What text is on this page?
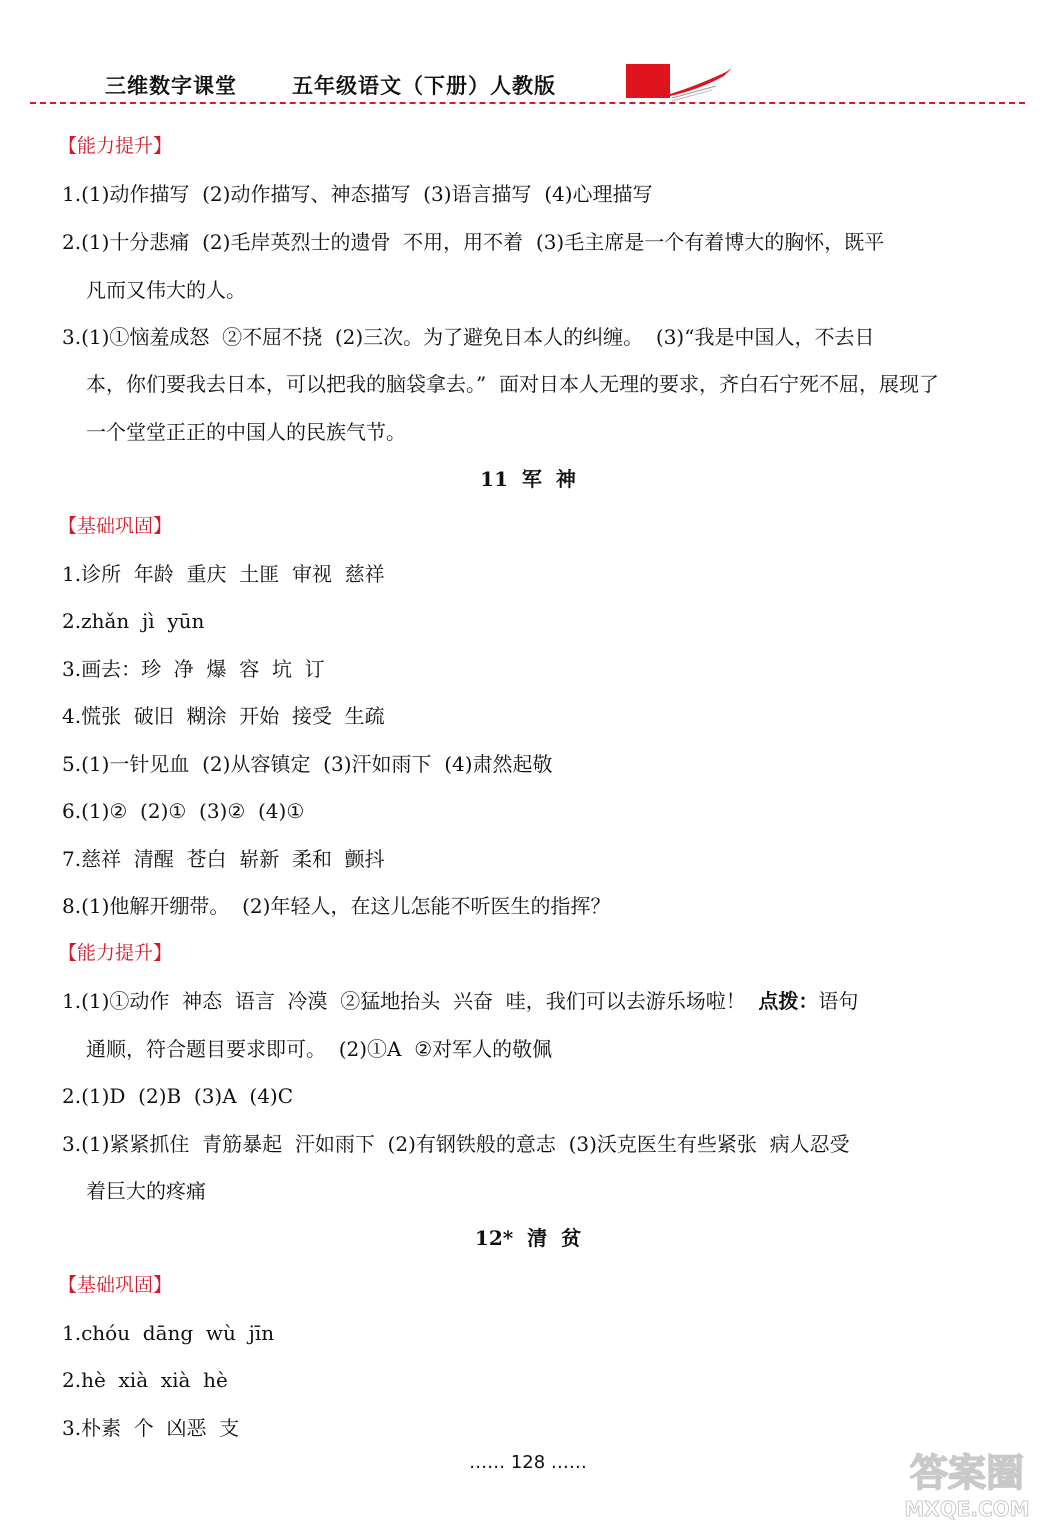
三维数字课堂	五年级语文（下册）人教版
【能力提升】
1.(1)动作描写  (2)动作描写、神态描写  (3)语言描写  (4)心理描写
2.(1)十分悲痛  (2)毛岸英烈士的遗骨  不用，用不着  (3)毛主席是一个有着博大的胸怀，既平
凡而又伟大的人。
3.(1)①恼羞成怒  ②不屈不挠  (2)三次。为了避免日本人的纠缠。  (3)“我是中国人，不去日
本，你们要我去日本，可以把我的脑袋拿去。”  面对日本人无理的要求，齐白石宁死不屈，展现了
一个堂堂正正的中国人的民族气节。
11  军  神
【基础巩固】
1.诊所  年龄  重庆  土匪  审视  慈祥
2.zhǎn  jì  yūn
3.画去：珍  净  爆  容  坑  订
4.慌张  破旧  糊涂  开始  接受  生疏
5.(1)一针见血  (2)从容镇定  (3)汗如雨下  (4)肃然起敬
6.(1)②  (2)①  (3)②  (4)①
7.慈祥  清醒  苍白  崭新  柔和  颤抖
8.(1)他解开绷带。  (2)年轻人，在这儿怎能不听医生的指挥？
【能力提升】
1.(1)①动作  神态  语言  冷漠  ②猛地抬头  兴奋  哇，我们可以去游乐场啦！  点拨：语句
通顺，符合题目要求即可。  (2)①A  ②对军人的敬佩
2.(1)D  (2)B  (3)A  (4)C
3.(1)紧紧抓住  青筋暴起  汗如雨下  (2)有钢铁般的意志  (3)沃克医生有些紧张  病人忍受
着巨大的疼痛
12*  清  贫
【基础巩固】
1.chóu  dāng  wù  jīn
2.hè  xià  xià  hè
3.朴素  个  凶恶  支
…… 128 ……	答案圈
MXQE.COM
